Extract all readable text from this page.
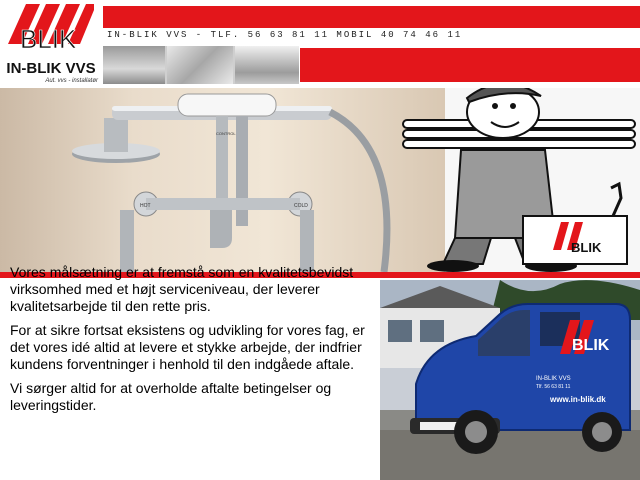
BLIK
IN-BLIK VVS
Aut. vvs - installatør
IN-BLIK VVS - TLF. 56 63 81 11 MOBIL 40 74 46 11
HOT	COLD
CONTROL
BLIK

Vores målsætning er at fremstå som en kvalitetsbevidst virksomhed med et højt serviceniveau, der leverer kvalitetsarbejde til den rette pris.

For at sikre fortsat eksistens og udvikling for vores fag, er det vores idé altid at levere et stykke arbejde, der indfrier kundens forventninger i henhold til den indgåede aftale.

Vi sørger altid for at overholde aftalte betingelser og leveringstider.

BLIK
IN-BLIK VVS
Tlf. 56 63 81 11
www.in-blik.dk
